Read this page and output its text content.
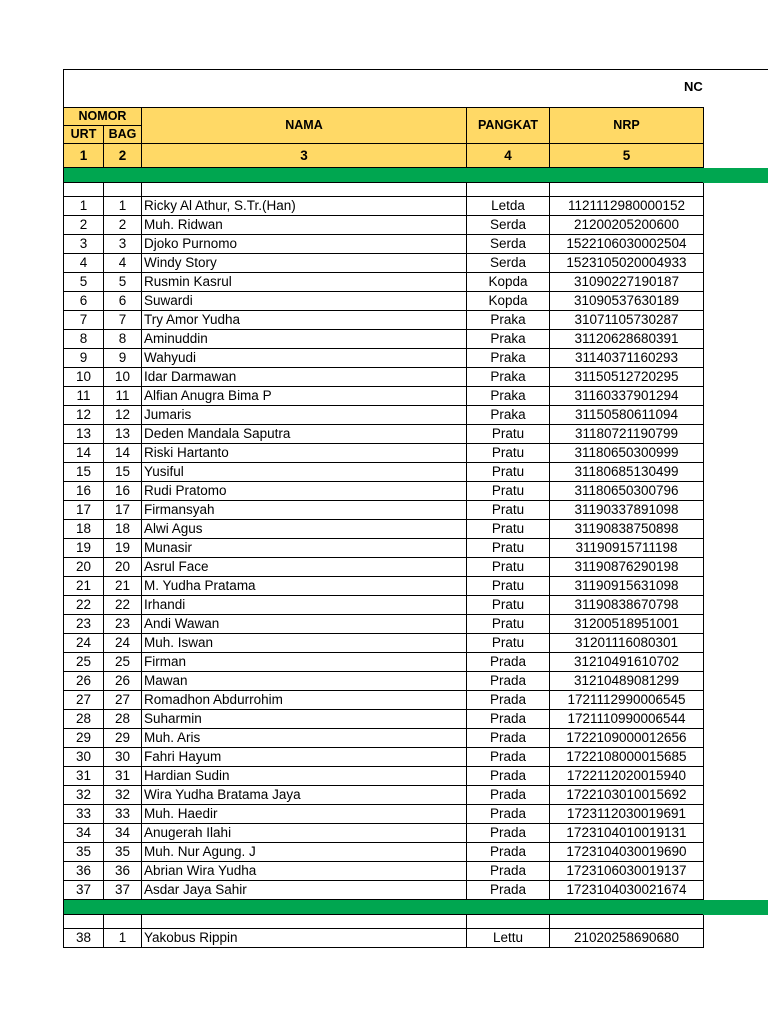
NC
NOMOR		NAMA	PANGKAT	NRP
URT	BAG			
1	2	3	4	5

1	1	Ricky Al Athur, S.Tr.(Han)	Letda	1121112980000152
2	2	Muh. Ridwan	Serda	21200205200600
3	3	Djoko Purnomo	Serda	1522106030002504
4	4	Windy Story	Serda	1523105020004933
5	5	Rusmin Kasrul	Kopda	31090227190187
6	6	Suwardi	Kopda	31090537630189
7	7	Try Amor Yudha	Praka	31071105730287
8	8	Aminuddin	Praka	31120628680391
9	9	Wahyudi	Praka	31140371160293
10	10	Idar Darmawan	Praka	31150512720295
11	11	Alfian Anugra Bima P	Praka	31160337901294
12	12	Jumaris	Praka	31150580611094
13	13	Deden Mandala Saputra	Pratu	31180721190799
14	14	Riski Hartanto	Pratu	31180650300999
15	15	Yusiful	Pratu	31180685130499
16	16	Rudi Pratomo	Pratu	31180650300796
17	17	Firmansyah	Pratu	31190337891098
18	18	Alwi Agus	Pratu	31190838750898
19	19	Munasir	Pratu	31190915711198
20	20	Asrul Face	Pratu	31190876290198
21	21	M. Yudha Pratama	Pratu	31190915631098
22	22	Irhandi	Pratu	31190838670798
23	23	Andi Wawan	Pratu	31200518951001
24	24	Muh. Iswan	Pratu	31201116080301
25	25	Firman	Prada	31210491610702
26	26	Mawan	Prada	31210489081299
27	27	Romadhon Abdurrohim	Prada	1721112990006545
28	28	Suharmin	Prada	1721110990006544
29	29	Muh. Aris	Prada	1722109000012656
30	30	Fahri Hayum	Prada	1722108000015685
31	31	Hardian Sudin	Prada	1722112020015940
32	32	Wira Yudha Bratama Jaya	Prada	1722103010015692
33	33	Muh. Haedir	Prada	1723112030019691
34	34	Anugerah Ilahi	Prada	1723104010019131
35	35	Muh. Nur Agung. J	Prada	1723104030019690
36	36	Abrian Wira Yudha	Prada	1723106030019137
37	37	Asdar Jaya Sahir	Prada	1723104030021674

38	1	Yakobus Rippin	Lettu	21020258690680
